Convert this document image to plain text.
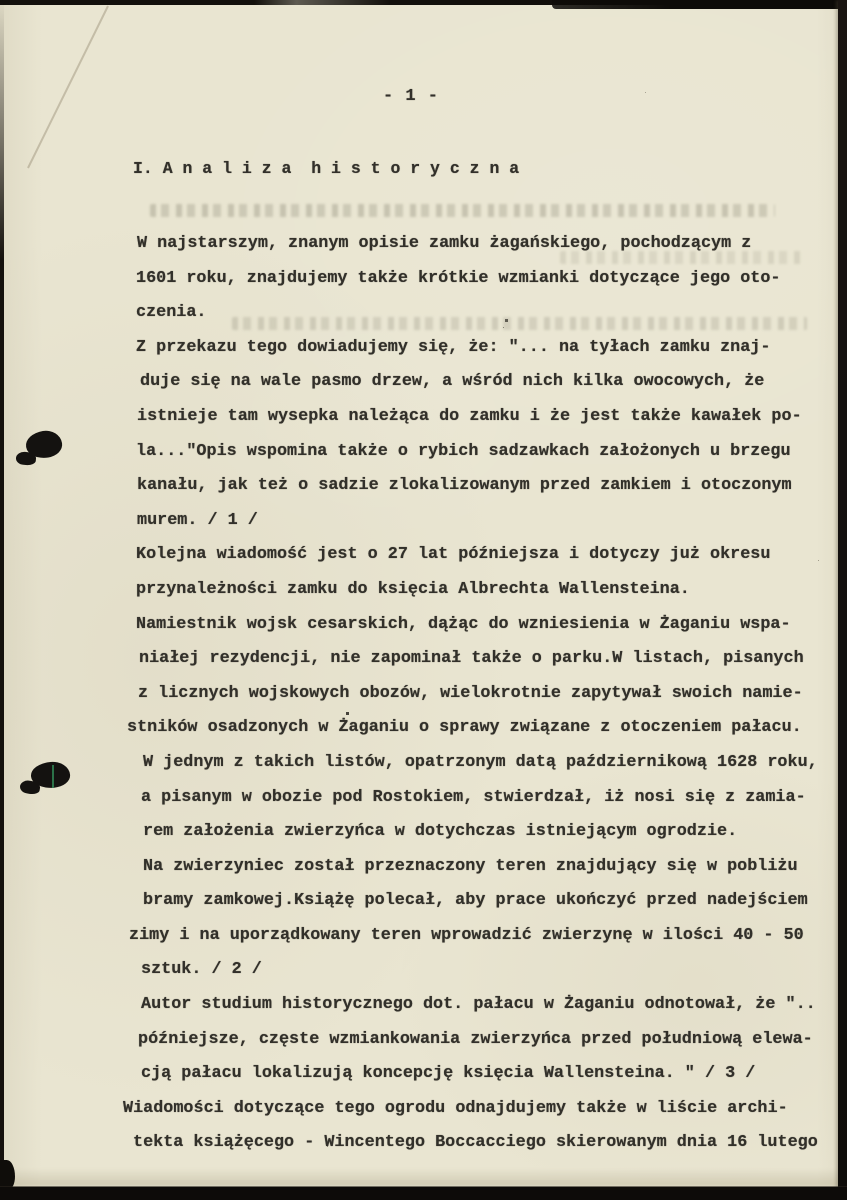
- 1 -
I. A n a l i z a  h i s t o r y c z n a
W najstarszym, znanym opisie zamku żagańskiego, pochodzącym z
1601 roku, znajdujemy także krótkie wzmianki dotyczące jego oto-
czenia.
Z przekazu tego dowiadujemy się, że: "... na tyłach zamku znaj-
duje się na wale pasmo drzew, a wśród nich kilka owocowych, że
istnieje tam wysepka należąca do zamku i że jest także kawałek po-
la..."Opis wspomina także o rybich sadzawkach założonych u brzegu
kanału, jak też o sadzie zlokalizowanym przed zamkiem i otoczonym
murem. / 1 /
Kolejna wiadomość jest o 27 lat późniejsza i dotyczy już okresu
przynależności zamku do księcia Albrechta Wallensteina.
Namiestnik wojsk cesarskich, dążąc do wzniesienia w Żaganiu wspa-
niałej rezydencji, nie zapominał także o parku.W listach, pisanych
z licznych wojskowych obozów, wielokrotnie zapytywał swoich namie-
stników osadzonych w Żaganiu o sprawy związane z otoczeniem pałacu.
W jednym z takich listów, opatrzonym datą październikową 1628 roku,
a pisanym w obozie pod Rostokiem, stwierdzał, iż nosi się z zamia-
rem założenia zwierzyńca w dotychczas istniejącym ogrodzie.
Na zwierzyniec został przeznaczony teren znajdujący się w pobliżu
bramy zamkowej.Książę polecał, aby prace ukończyć przed nadejściem
zimy i na uporządkowany teren wprowadzić zwierzynę w ilości 40 - 50
sztuk. / 2 /
Autor studium historycznego dot. pałacu w Żaganiu odnotował, że "..
późniejsze, częste wzmiankowania zwierzyńca przed południową elewa-
cją pałacu lokalizują koncepcję księcia Wallensteina. " / 3 /
Wiadomości dotyczące tego ogrodu odnajdujemy także w liście archi-
tekta książęcego - Wincentego Boccacciego skierowanym dnia 16 lutego
